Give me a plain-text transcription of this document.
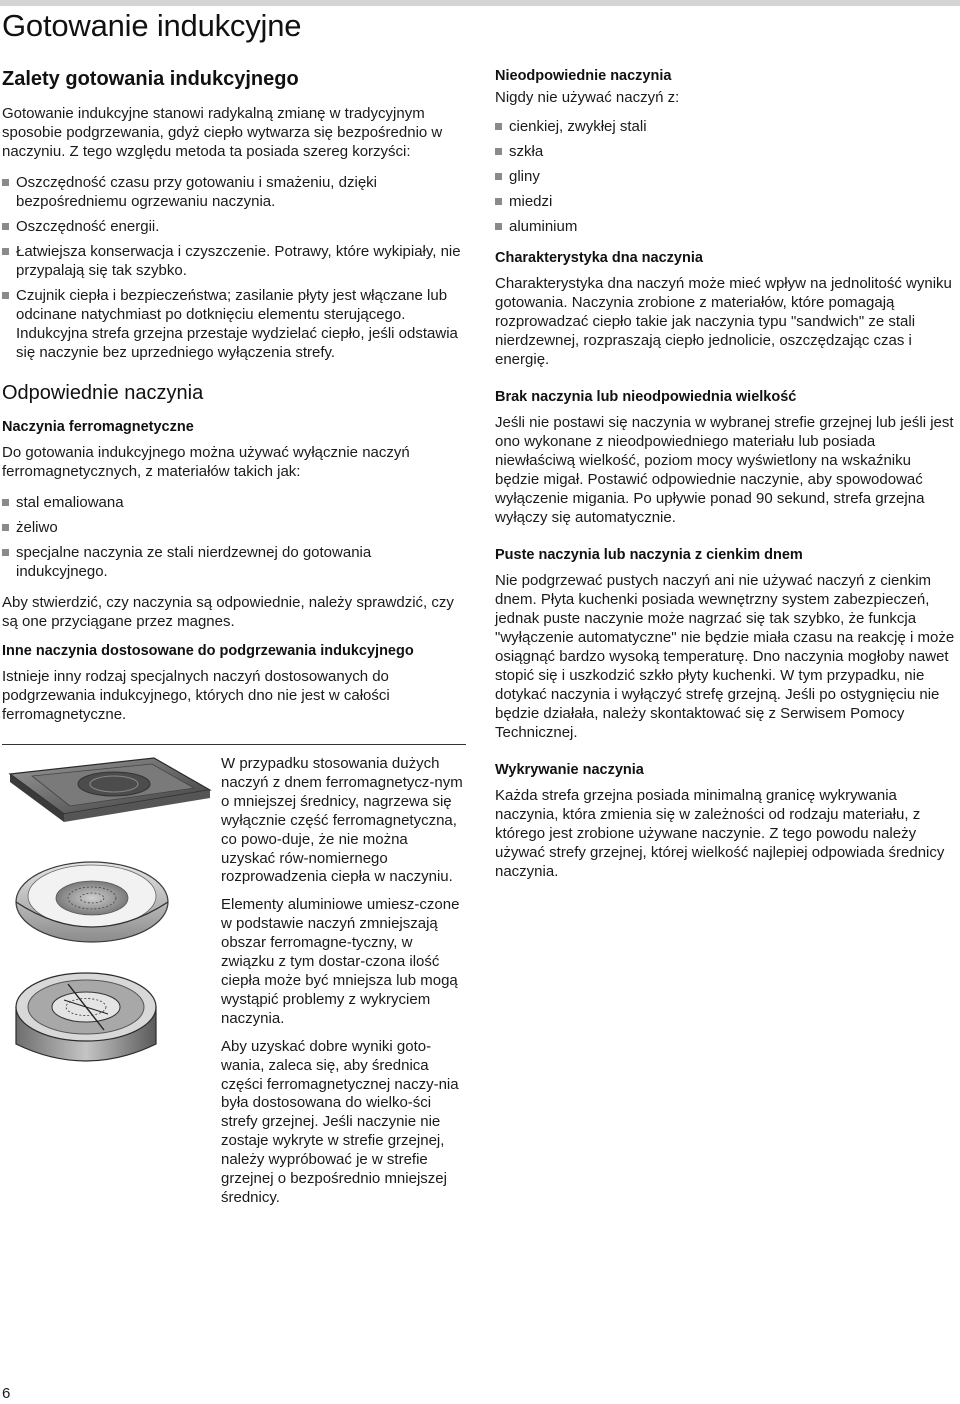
Gotowanie indukcyjne
Zalety gotowania indukcyjnego

Gotowanie indukcyjne stanowi radykalną zmianę w tradycyjnym sposobie podgrzewania, gdyż ciepło wytwarza się bezpośrednio w naczyniu. Z tego względu metoda ta posiada szereg korzyści:

Oszczędność czasu przy gotowaniu i smażeniu, dzięki bezpośredniemu ogrzewaniu naczynia.
Oszczędność energii.
Łatwiejsza konserwacja i czyszczenie. Potrawy, które wykipiały, nie przypalają się tak szybko.
Czujnik ciepła i bezpieczeństwa; zasilanie płyty jest włączane lub odcinane natychmiast po dotknięciu elementu sterującego. Indukcyjna strefa grzejna przestaje wydzielać ciepło, jeśli odstawia się naczynie bez uprzedniego wyłączenia strefy.
Odpowiednie naczynia
Naczynia ferromagnetyczne

Do gotowania indukcyjnego można używać wyłącznie naczyń ferromagnetycznych, z materiałów takich jak:

stal emaliowana
żeliwo
specjalne naczynia ze stali nierdzewnej do gotowania indukcyjnego.

Aby stwierdzić, czy naczynia są odpowiednie, należy sprawdzić, czy są one przyciągane przez magnes.

Inne naczynia dostosowane do podgrzewania indukcyjnego

Istnieje inny rodzaj specjalnych naczyń dostosowanych do podgrzewania indukcyjnego, których dno nie jest w całości ferromagnetyczne.

W przypadku stosowania dużych naczyń z dnem ferromagnetycz-nym o mniejszej średnicy, nagrzewa się wyłącznie część ferromagnetyczna, co powo-duje, że nie można uzyskać rów-nomiernego rozprowadzenia ciepła w naczyniu.

Elementy aluminiowe umiesz-czone w podstawie naczyń zmniejszają obszar ferromagne-tyczny, w związku z tym dostar-czona ilość ciepła może być mniejsza lub mogą wystąpić problemy z wykryciem naczynia.

Aby uzyskać dobre wyniki goto-wania, zaleca się, aby średnica części ferromagnetycznej naczy-nia była dostosowana do wielko-ści strefy grzejnej. Jeśli naczynie nie zostaje wykryte w strefie grzejnej, należy wypróbować je w strefie grzejnej o bezpośrednio mniejszej średnicy.

Nieodpowiednie naczynia

Nigdy nie używać naczyń z:

cienkiej, zwykłej stali
szkła
gliny
miedzi
aluminium
Charakterystyka dna naczynia

Charakterystyka dna naczyń może mieć wpływ na jednolitość wyniku gotowania. Naczynia zrobione z materiałów, które pomagają rozprowadzać ciepło takie jak naczynia typu "sandwich" ze stali nierdzewnej, rozpraszają ciepło jednolicie, oszczędzając czas i energię.

Brak naczynia lub nieodpowiednia wielkość

Jeśli nie postawi się naczynia w wybranej strefie grzejnej lub jeśli jest ono wykonane z nieodpowiedniego materiału lub posiada niewłaściwą wielkość, poziom mocy wyświetlony na wskaźniku będzie migał. Postawić odpowiednie naczynie, aby spowodować wyłączenie migania. Po upływie ponad 90 sekund, strefa grzejna wyłączy się automatycznie.

Puste naczynia lub naczynia z cienkim dnem

Nie podgrzewać pustych naczyń ani nie używać naczyń z cienkim dnem. Płyta kuchenki posiada wewnętrzny system zabezpieczeń, jednak puste naczynie może nagrzać się tak szybko, że funkcja "wyłączenie automatyczne" nie będzie miała czasu na reakcję i może osiągnąć bardzo wysoką temperaturę. Dno naczynia mogłoby nawet stopić się i uszkodzić szkło płyty kuchenki. W tym przypadku, nie dotykać naczynia i wyłączyć strefę grzejną. Jeśli po ostygnięciu nie będzie działała, należy skontaktować się z Serwisem Pomocy Technicznej.

Wykrywanie naczynia

Każda strefa grzejna posiada minimalną granicę wykrywania naczynia, która zmienia się w zależności od rodzaju materiału, z którego jest zrobione używane naczynie. Z tego powodu należy używać strefy grzejnej, której wielkość najlepiej odpowiada średnicy naczynia.

6
